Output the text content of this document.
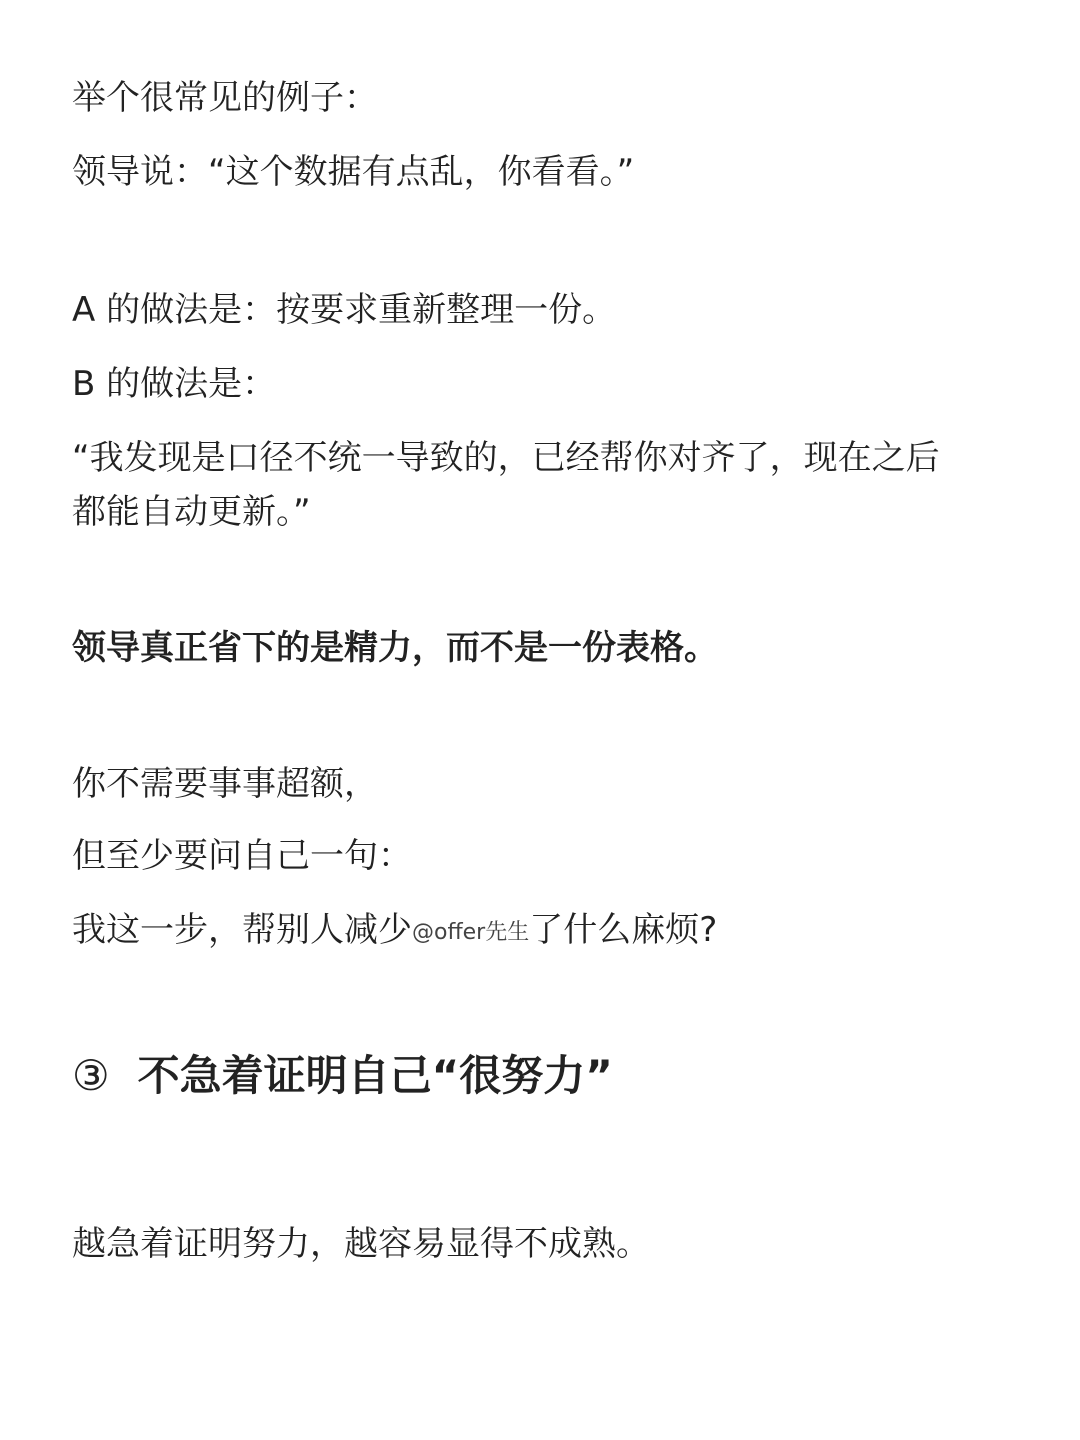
举个很常见的例子：

领导说：“这个数据有点乱，你看看。”

A 的做法是：按要求重新整理一份。

B 的做法是：

“我发现是口径不统一导致的，已经帮你对齐了，现在之后

都能自动更新。”

领导真正省下的是精力，而不是一份表格。

你不需要事事超额，

但至少要问自己一句：

我这一步，帮别人减少@offer先生了什么麻烦?

③ 不急着证明自己“很努力”

越急着证明努力，越容易显得不成熟。
